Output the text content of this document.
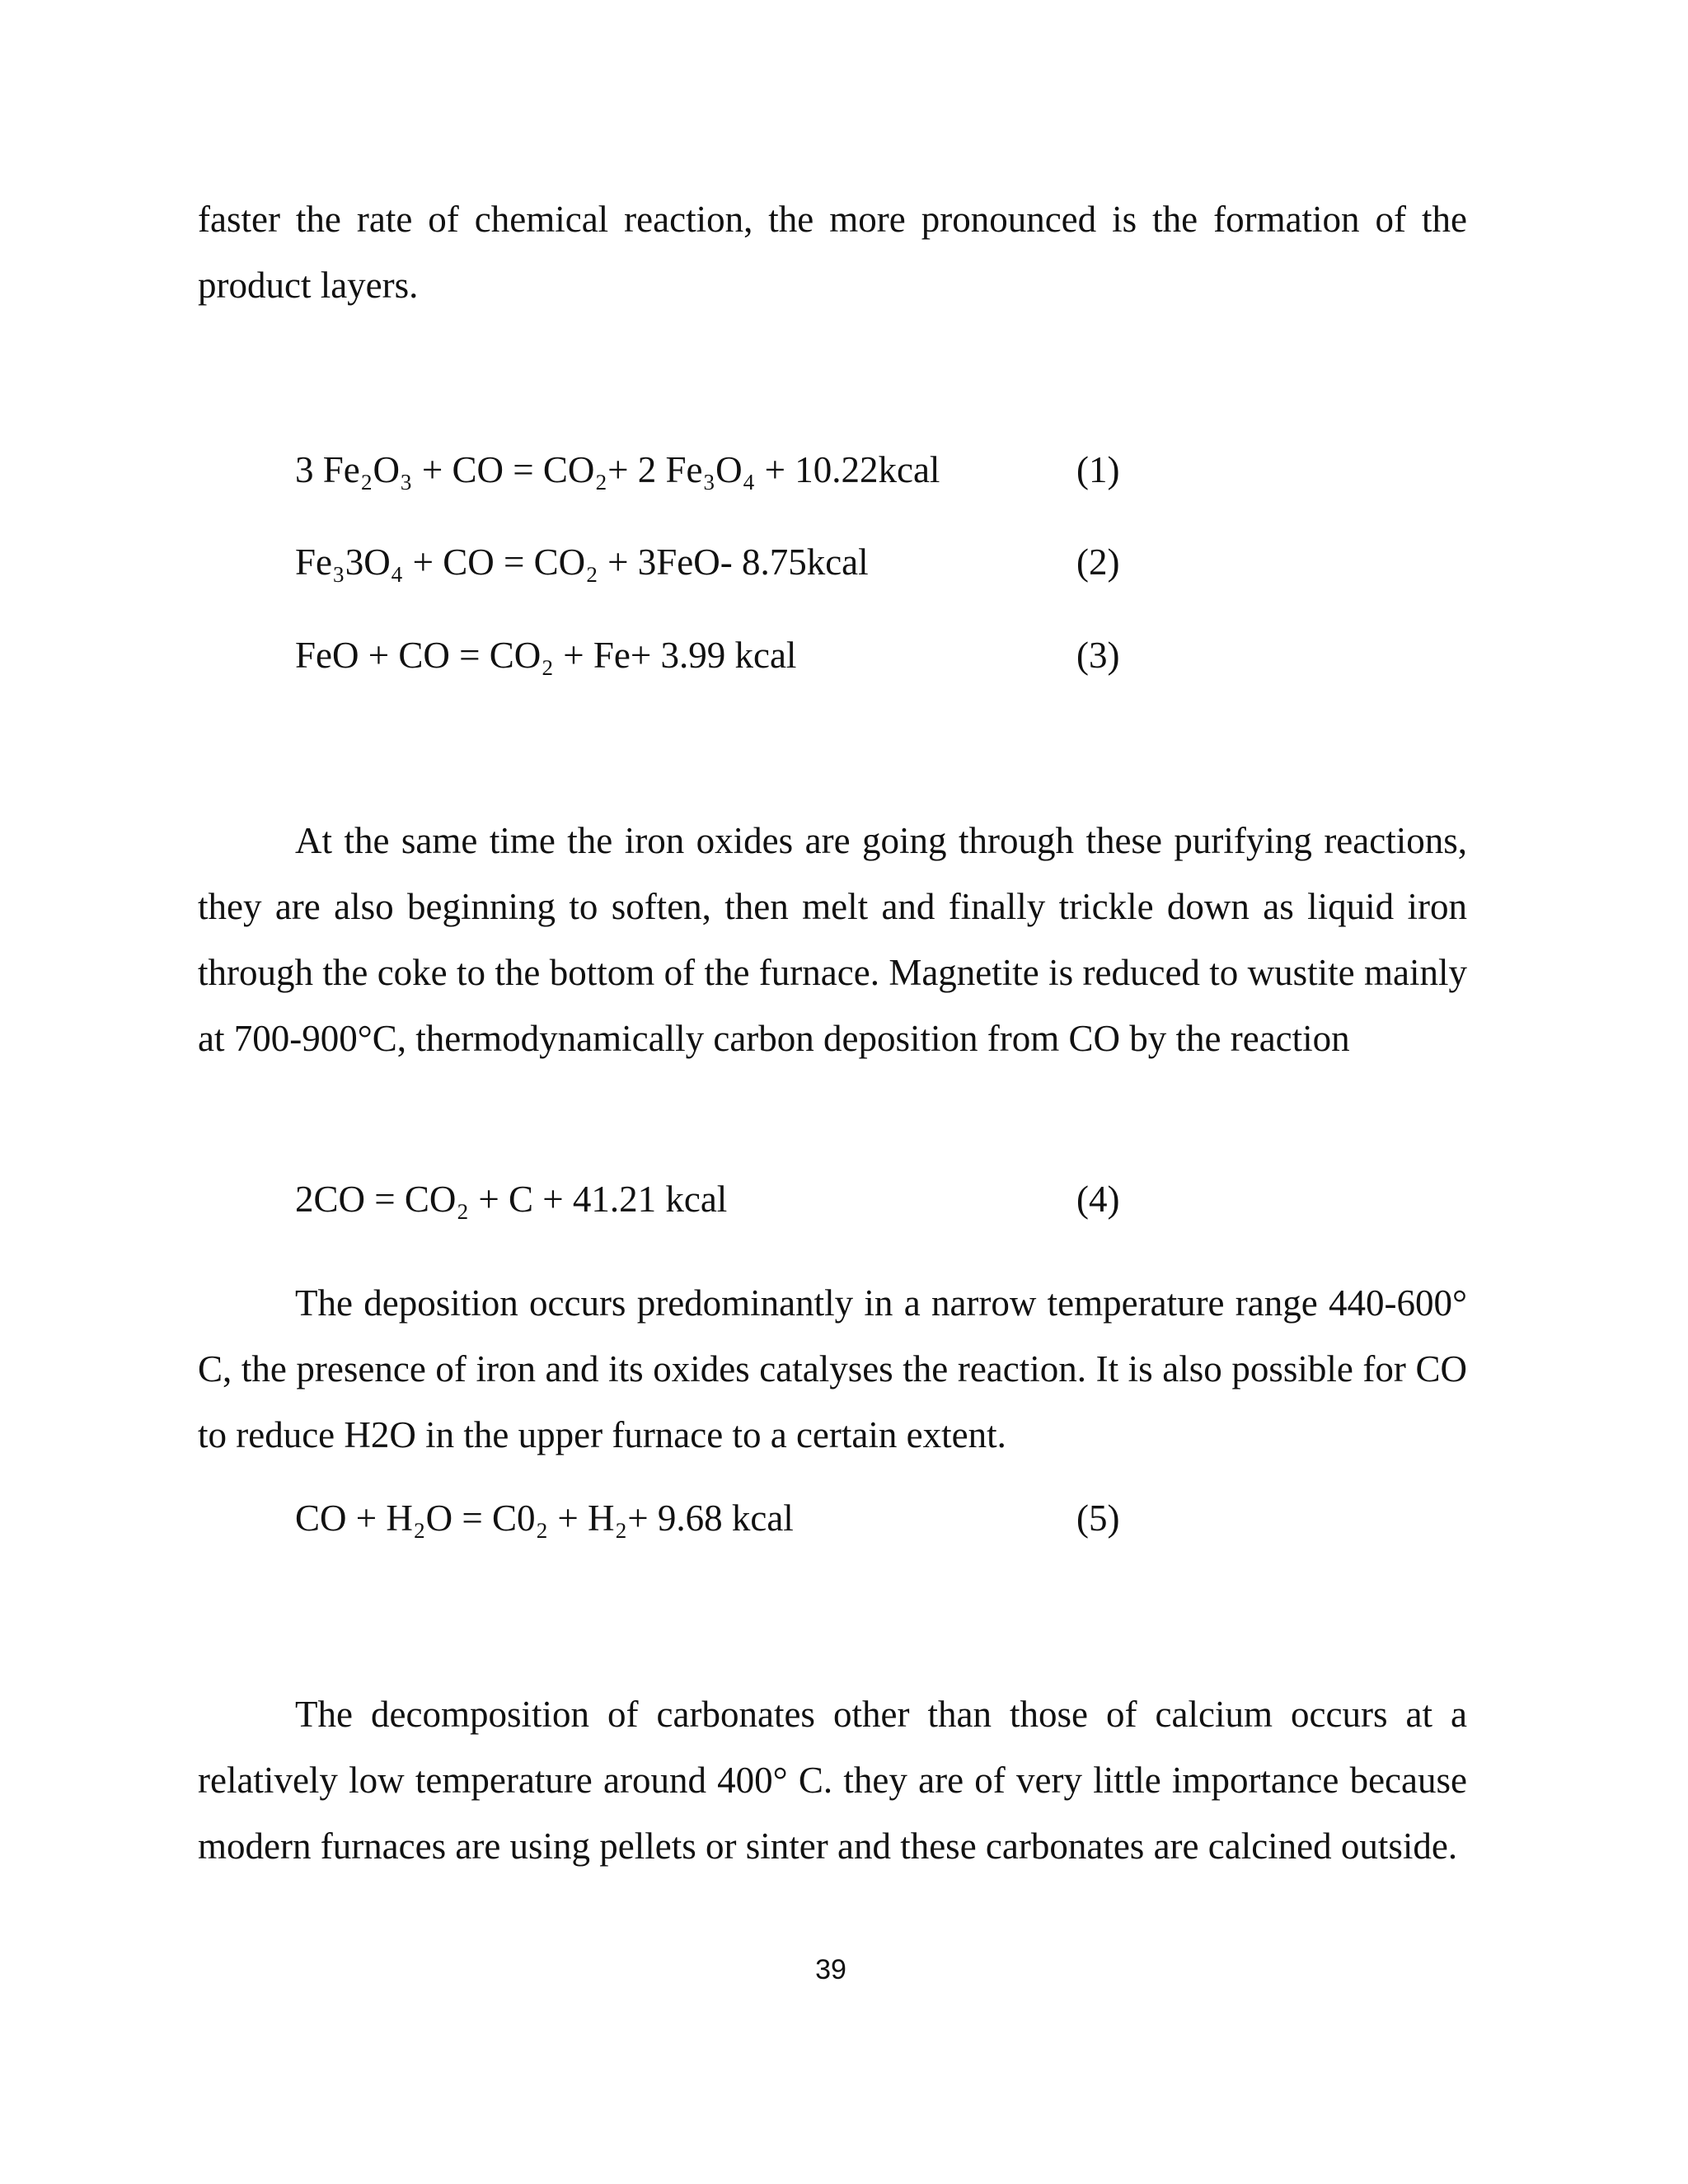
faster the rate of chemical reaction, the more pronounced is the formation of the product layers.

3 Fe₂O₃ + CO = CO₂+ 2 Fe₃O₄ + 10.22kcal	(1)
Fe₃3O₄ + CO = CO₂ + 3FeO- 8.75kcal	(2)
FeO + CO = CO₂ + Fe+ 3.99 kcal	(3)

At the same time the iron oxides are going through these purifying reactions, they are also beginning to soften, then melt and finally trickle down as liquid iron through the coke to the bottom of the furnace. Magnetite is reduced to wustite mainly at 700-900°C, thermodynamically carbon deposition from CO by the reaction

2CO = CO₂ + C + 41.21 kcal	(4)

The deposition occurs predominantly in a narrow temperature range 440-600° C, the presence of iron and its oxides catalyses the reaction. It is also possible for CO to reduce H2O in the upper furnace to a certain extent.

CO + H₂O = C0₂ + H₂+ 9.68 kcal	(5)

The decomposition of carbonates other than those of calcium occurs at a relatively low temperature around 400° C. they are of very little importance because modern furnaces are using pellets or sinter and these carbonates are calcined outside.

39
